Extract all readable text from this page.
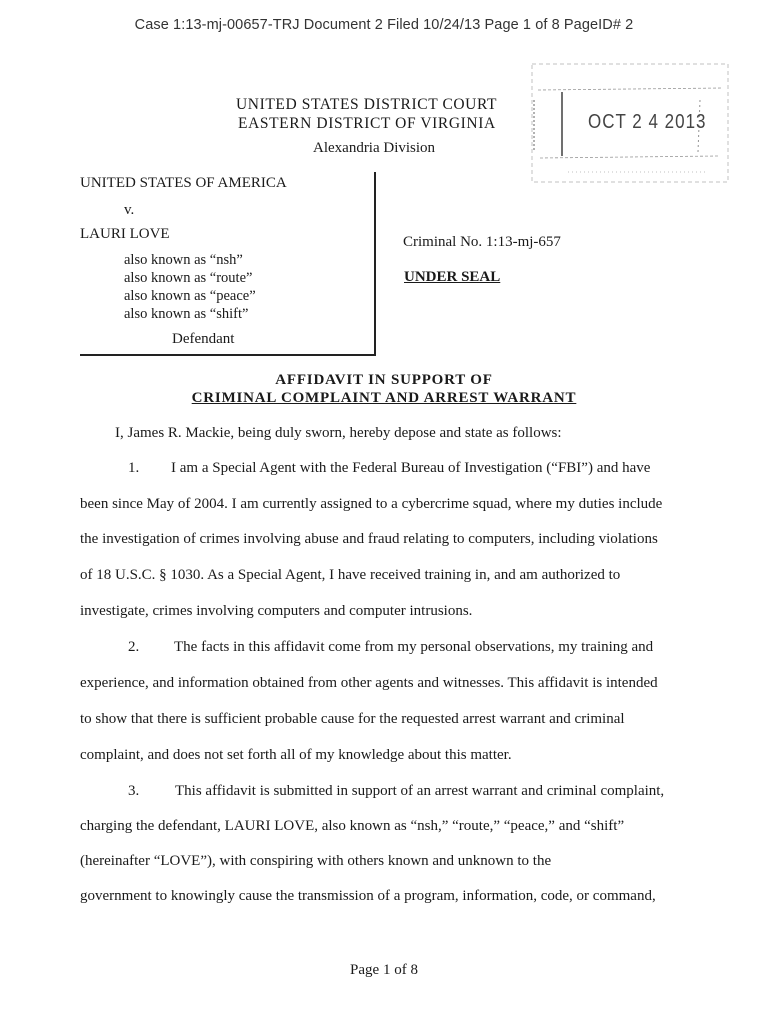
Case 1:13-mj-00657-TRJ Document 2 Filed 10/24/13 Page 1 of 8 PageID# 2
UNITED STATES DISTRICT COURT
EASTERN DISTRICT OF VIRGINIA
Alexandria Division
OCT 2 4 2013
UNITED STATES OF AMERICA
v.
LAURI LOVE
also known as “nsh”
also known as “route”
also known as “peace”
also known as “shift”
Defendant
Criminal No. 1:13-mj-657
UNDER SEAL
AFFIDAVIT IN SUPPORT OF
CRIMINAL COMPLAINT AND ARREST WARRANT
I, James R. Mackie, being duly sworn, hereby depose and state as follows:
1. I am a Special Agent with the Federal Bureau of Investigation (“FBI”) and have
been since May of 2004. I am currently assigned to a cybercrime squad, where my duties include
the investigation of crimes involving abuse and fraud relating to computers, including violations
of 18 U.S.C. § 1030. As a Special Agent, I have received training in, and am authorized to
investigate, crimes involving computers and computer intrusions.
2. The facts in this affidavit come from my personal observations, my training and
experience, and information obtained from other agents and witnesses. This affidavit is intended
to show that there is sufficient probable cause for the requested arrest warrant and criminal
complaint, and does not set forth all of my knowledge about this matter.
3. This affidavit is submitted in support of an arrest warrant and criminal complaint,
charging the defendant, LAURI LOVE, also known as “nsh,” “route,” “peace,” and “shift”
(hereinafter “LOVE”), with conspiring with others known and unknown to the
government to knowingly cause the transmission of a program, information, code, or command,
Page 1 of 8
